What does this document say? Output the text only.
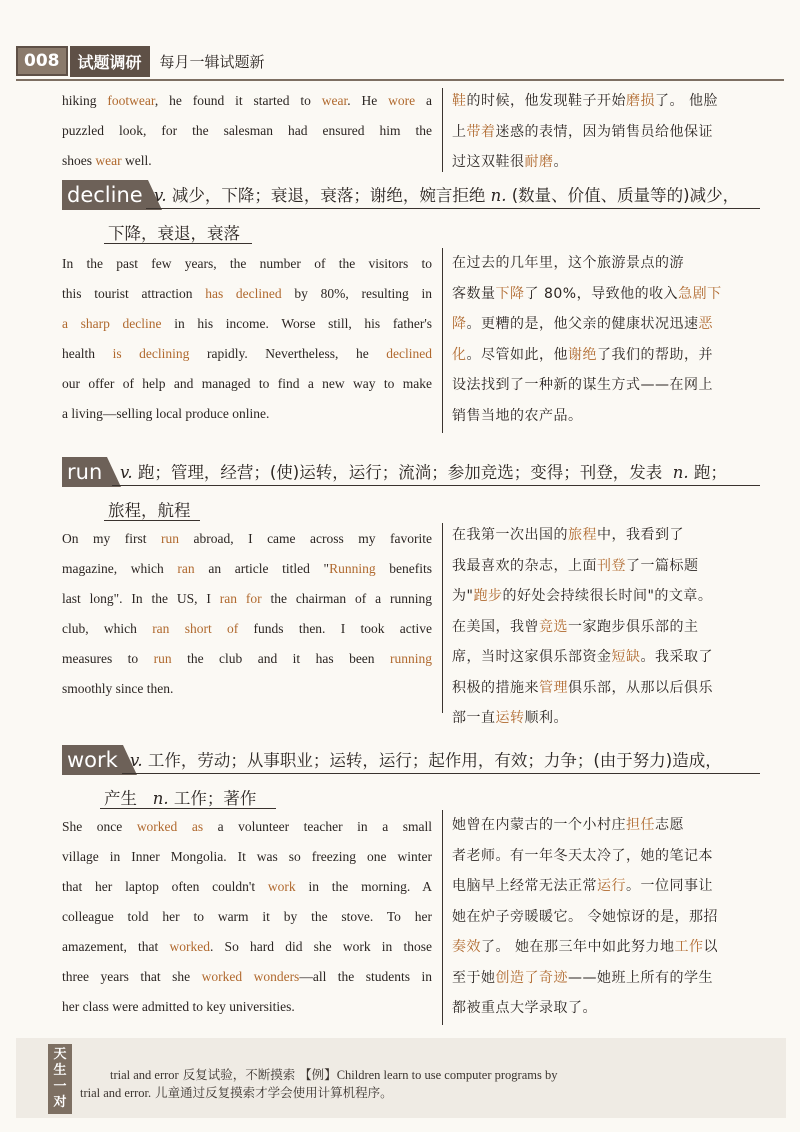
008	试题调研	每月一辑试题新
hiking footwear, he found it started to wear. He wore a
puzzled look, for the salesman had ensured him the
shoes wear well.
鞋的时候，他发现鞋子开始磨损了。 他脸
上带着迷惑的表情，因为销售员给他保证
过这双鞋很耐磨。
decline v. 减少，下降；衰退，衰落；谢绝，婉言拒绝 n. (数量、价值、质量等的)减少，
下降，衰退，衰落
In the past few years, the number of the visitors to
this tourist attraction has declined by 80%, resulting in
a sharp decline in his income. Worse still, his father's
health is declining rapidly. Nevertheless, he declined
our offer of help and managed to find a new way to make
a living—selling local produce online.
在过去的几年里，这个旅游景点的游
客数量下降了 80%，导致他的收入急剧下
降。更糟的是，他父亲的健康状况迅速恶
化。尽管如此，他谢绝了我们的帮助，并
设法找到了一种新的谋生方式——在网上
销售当地的农产品。
run	v. 跑；管理，经营；(使)运转，运行；流淌；参加竞选；变得；刊登，发表 n. 跑；
旅程，航程
On my first run abroad, I came across my favorite
magazine, which ran an article titled "Running benefits
last long". In the US, I ran for the chairman of a running
club, which ran short of funds then. I took active
measures to run the club and it has been running
smoothly since then.
在我第一次出国的旅程中，我看到了
我最喜欢的杂志，上面刊登了一篇标题
为"跑步的好处会持续很长时间"的文章。
在美国，我曾竞选一家跑步俱乐部的主
席，当时这家俱乐部资金短缺。我采取了
积极的措施来管理俱乐部，从那以后俱乐
部一直运转顺利。
work v. 工作，劳动；从事职业；运转，运行；起作用，有效；力争；(由于努力)造成，
产生 n. 工作；著作
She once worked as a volunteer teacher in a small
village in Inner Mongolia. It was so freezing one winter
that her laptop often couldn't work in the morning. A
colleague told her to warm it by the stove. To her
amazement, that worked. So hard did she work in those
three years that she worked wonders—all the students in
her class were admitted to key universities.
她曾在内蒙古的一个小村庄担任志愿
者老师。有一年冬天太冷了，她的笔记本
电脑早上经常无法正常运行。一位同事让
她在炉子旁暖暖它。 令她惊讶的是，那招
奏效了。 她在那三年中如此努力地工作以
至于她创造了奇迹——她班上所有的学生
都被重点大学录取了。
天
生
一
对
trial and error 反复试验，不断摸索 【例】Children learn to use computer programs by
trial and error. 儿童通过反复摸索才学会使用计算机程序。
